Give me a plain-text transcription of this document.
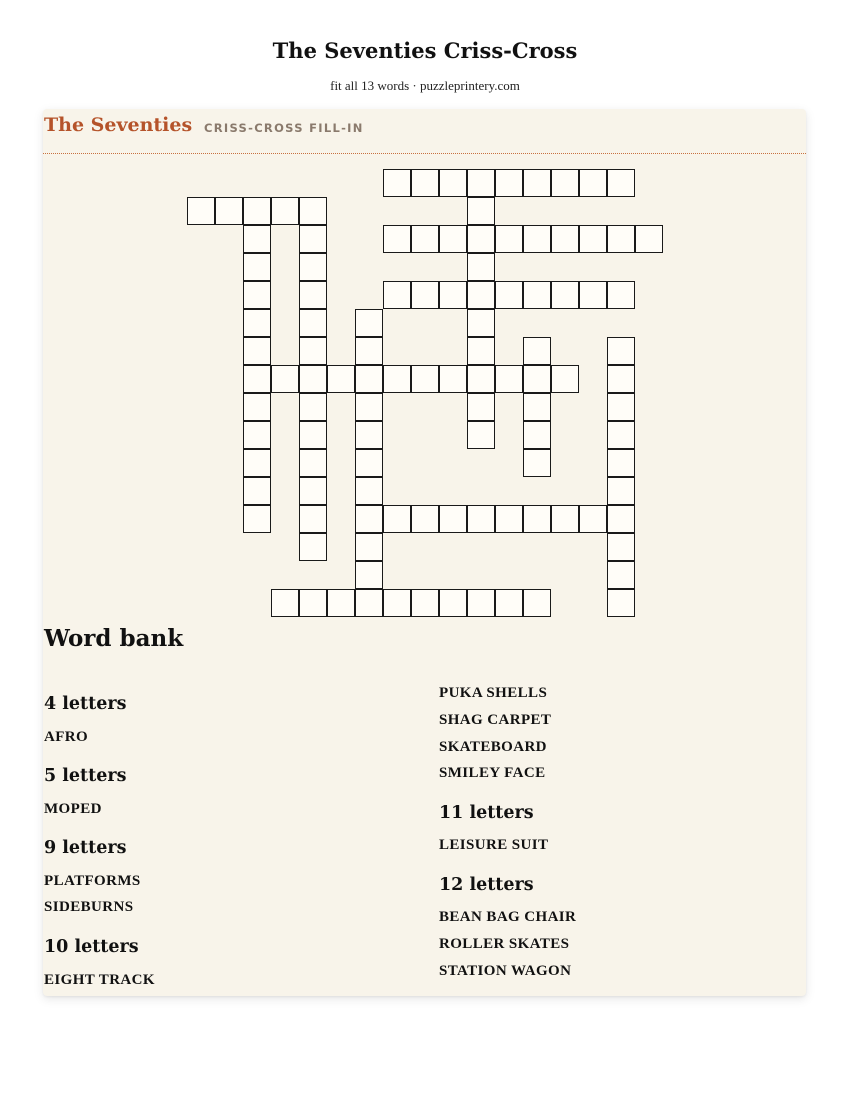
The Seventies Criss-Cross
fit all 13 words · puzzleprintery.com
The Seventies CRISS-CROSS FILL-IN
Word bank
4 letters
AFRO
5 letters
MOPED
9 letters
PLATFORMS
SIDEBURNS
10 letters
EIGHT TRACK
PUKA SHELLS
SHAG CARPET
SKATEBOARD
SMILEY FACE
11 letters
LEISURE SUIT
12 letters
BEAN BAG CHAIR
ROLLER SKATES
STATION WAGON
